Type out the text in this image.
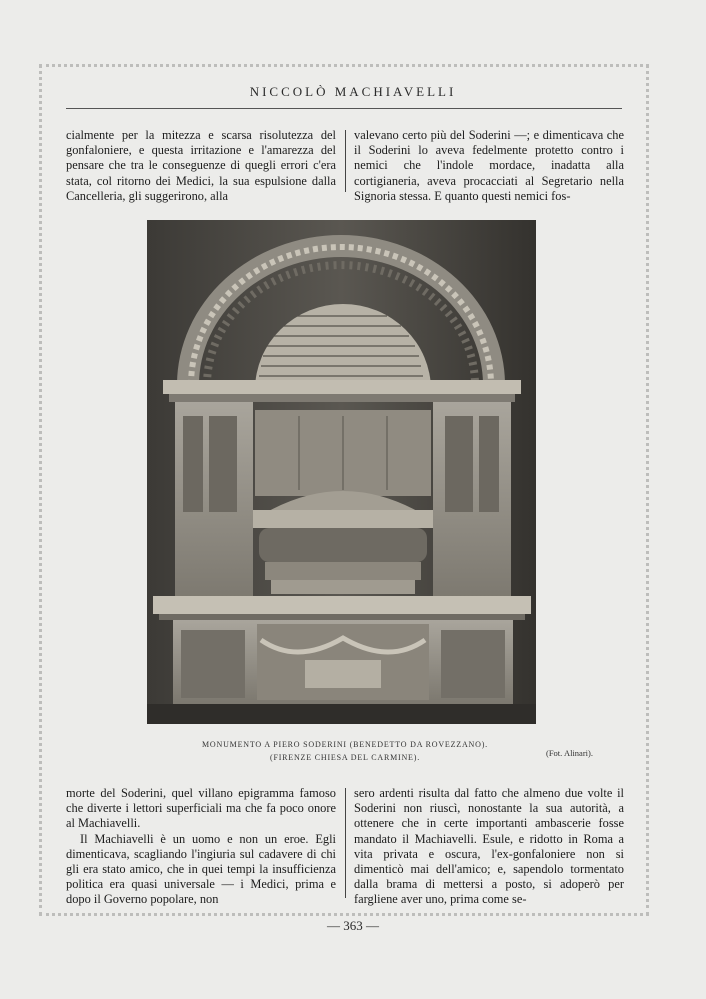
NICCOLÒ MACHIAVELLI

cialmente per la mitezza e scarsa risolutezza del gonfaloniere, e questa irritazione e l'amarezza del pensare che tra le conseguenze di quegli errori c'era stata, col ritorno dei Medici, la sua espulsione dalla Cancelleria, gli suggerirono, alla

valevano certo più del Soderini —; e dimenticava che il Soderini lo aveva fedelmente protetto contro i nemici che l'indole mordace, inadatta alla cortigianeria, aveva procacciati al Segretario nella Signoria stessa. E quanto questi nemici fos-

MONUMENTO A PIERO SODERINI (BENEDETTO DA ROVEZZANO).
(FIRENZE CHIESA DEL CARMINE).	(Fot. Alinari).

morte del Soderini, quel villano epigramma famoso che diverte i lettori superficiali ma che fa poco onore al Machiavelli.

Il Machiavelli è un uomo e non un eroe. Egli dimenticava, scagliando l'ingiuria sul cadavere di chi gli era stato amico, che in quei tempi la insufficienza politica era quasi universale — i Medici, prima e dopo il Governo popolare, non

sero ardenti risulta dal fatto che almeno due volte il Soderini non riuscì, nonostante la sua autorità, a ottenere che in certe importanti ambascerie fosse mandato il Machiavelli. Esule, e ridotto in Roma a vita privata e oscura, l'ex-gonfaloniere non si dimenticò mai dell'amico; e, sapendolo tormentato dalla brama di mettersi a posto, si adoperò per fargliene aver uno, prima come se-

— 363 —
